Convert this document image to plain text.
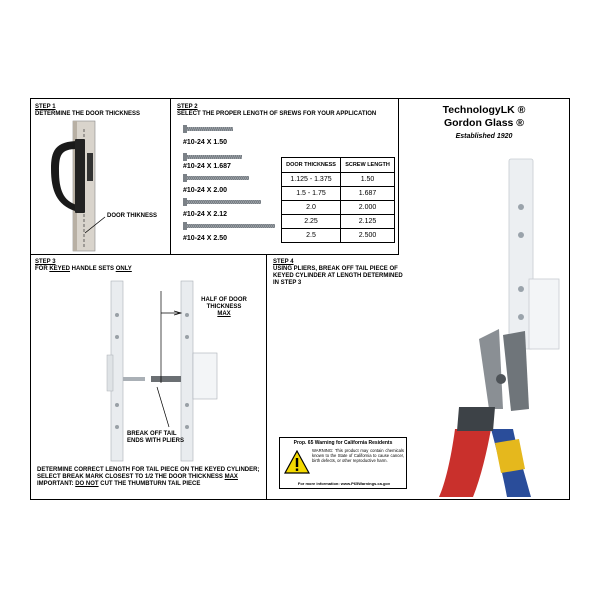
STEP 1
DETERMINE THE DOOR THICKNESS
DOOR THIKNESS
STEP 2
SELECT THE PROPER LENGTH OF SREWS FOR YOUR APPLICATION
#10-24 X 1.50
#10-24 X 1.687
#10-24 X 2.00
#10-24 X 2.12
#10-24 X 2.50
DOOR THICKNESS	SCREW LENGTH
1.125 - 1.375	1.50
1.5 - 1.75	1.687
2.0	2.000
2.25	2.125
2.5	2.500
TechnologyLK ®
Gordon Glass ®
Established 1920
STEP 3
FOR KEYED HANDLE SETS ONLY
HALF OF DOOR
THICKNESS
MAX
BREAK OFF TAIL
ENDS WITH PLIERS
DETERMINE CORRECT LENGTH FOR TAIL PIECE ON THE KEYED CYLINDER;
SELECT BREAK MARK CLOSEST TO 1/2 THE DOOR THICKNESS MAX
IMPORTANT: DO NOT CUT THE THUMBTURN TAIL PIECE
STEP 4
USING PLIERS, BREAK OFF TAIL PIECE OF
KEYED CYLINDER AT LENGTH DETERMINED
IN STEP 3
Prop. 65 Warning for California Residents
WARNING: This product may contain chemicals known to the State of California to cause cancer, birth defects, or other reproductive harm.
For more information: www.P65Warnings.ca.gov
